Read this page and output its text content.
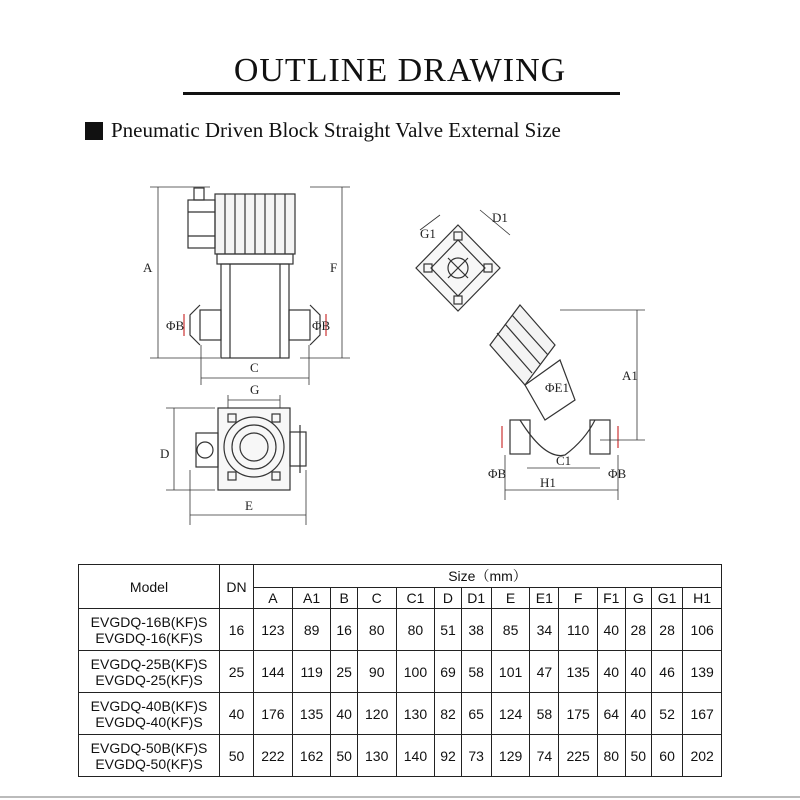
OUTLINE DRAWING
Pneumatic Driven Block Straight Valve External Size
A	F
ΦB	ΦB
C
G
D
E
G1
D1
ΦE1
A1
C1
H1
ΦB	ΦB
Model	DN	Size（mm）													
		A	A1	B	C	C1	D	D1	E	E1	F	F1	G	G1	H1

EVGDQ-16B(KF)S
EVGDQ-16(KF)S	16	123	89	16	80	80	51	38	85	34	110	40	28	28	106

EVGDQ-25B(KF)S
EVGDQ-25(KF)S	25	144	119	25	90	100	69	58	101	47	135	40	40	46	139

EVGDQ-40B(KF)S
EVGDQ-40(KF)S	40	176	135	40	120	130	82	65	124	58	175	64	40	52	167

EVGDQ-50B(KF)S
EVGDQ-50(KF)S	50	222	162	50	130	140	92	73	129	74	225	80	50	60	202
